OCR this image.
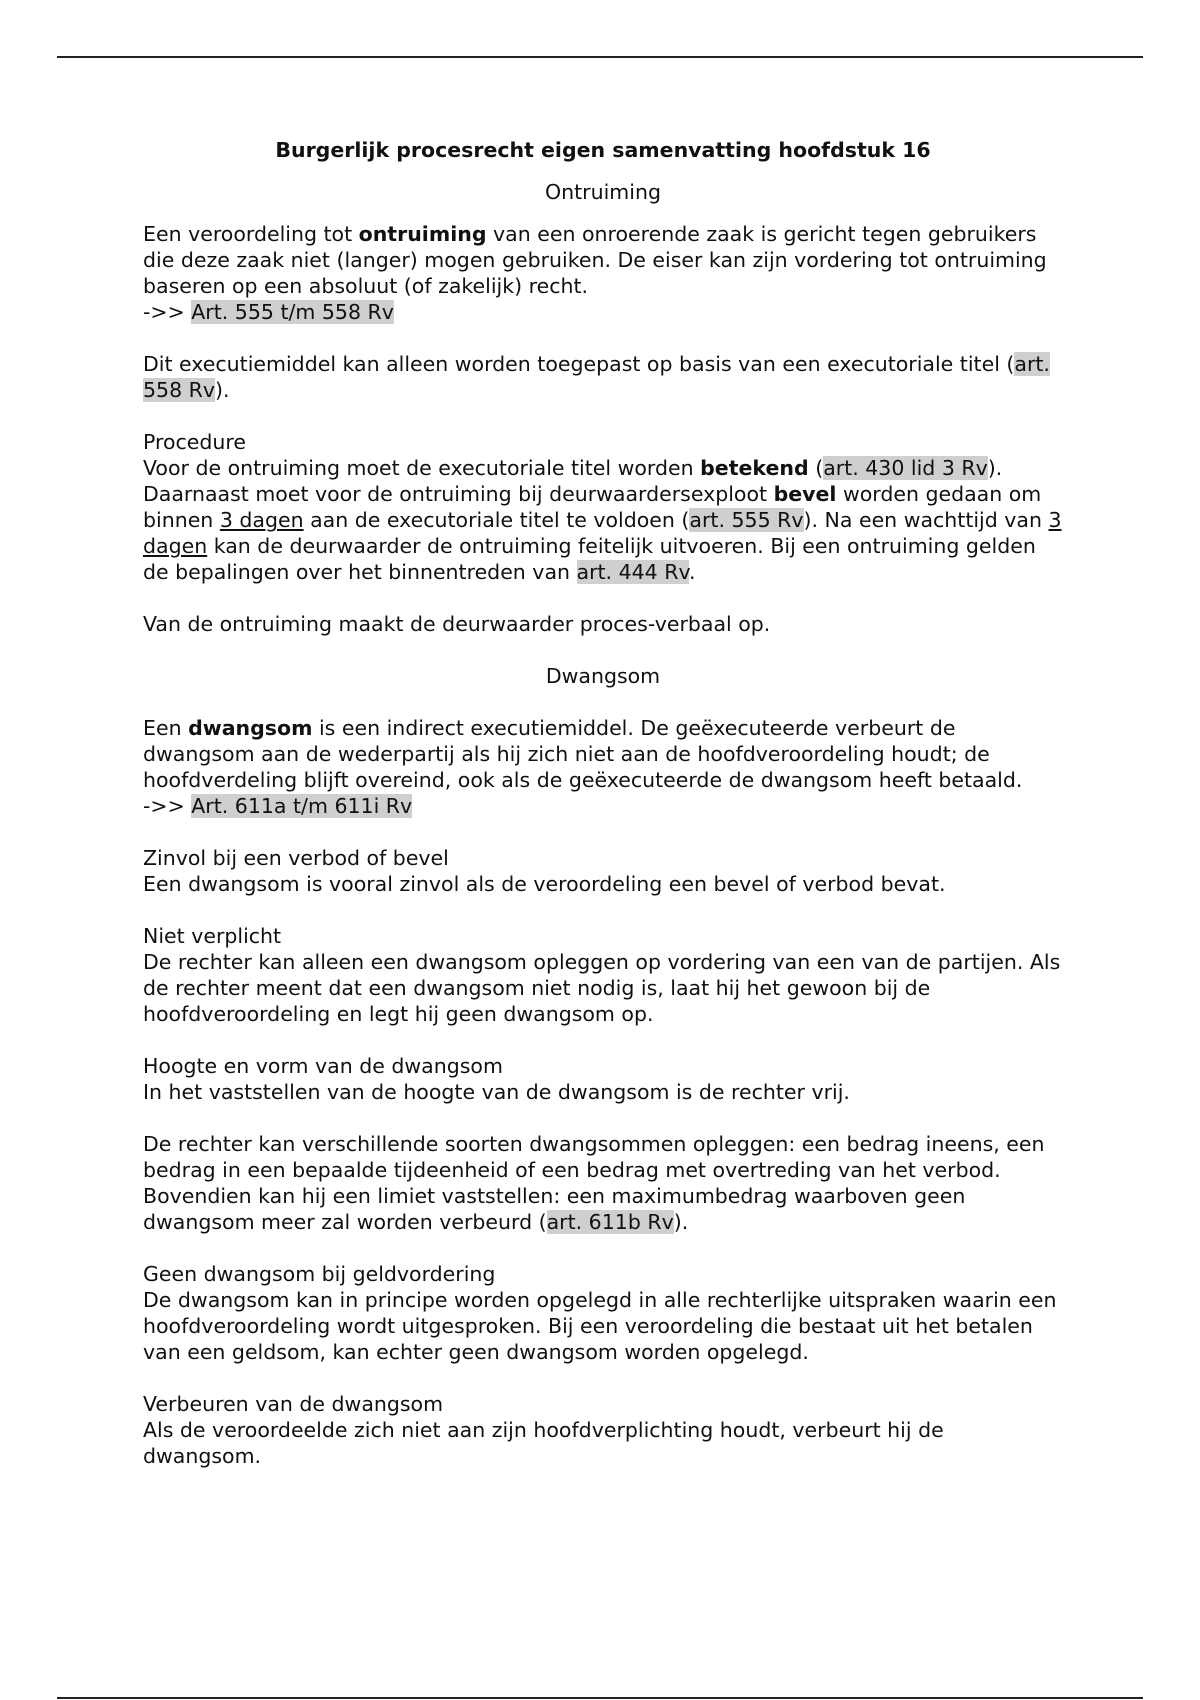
Burgerlijk procesrecht eigen samenvatting hoofdstuk 16
Ontruiming

Een veroordeling tot ontruiming van een onroerende zaak is gericht tegen gebruikers die deze zaak niet (langer) mogen gebruiken. De eiser kan zijn vordering tot ontruiming baseren op een absoluut (of zakelijk) recht.
->> Art. 555 t/m 558 Rv

Dit executiemiddel kan alleen worden toegepast op basis van een executoriale titel (art. 558 Rv).

Procedure
Voor de ontruiming moet de executoriale titel worden betekend (art. 430 lid 3 Rv). Daarnaast moet voor de ontruiming bij deurwaardersexploot bevel worden gedaan om binnen 3 dagen aan de executoriale titel te voldoen (art. 555 Rv). Na een wachttijd van 3 dagen kan de deurwaarder de ontruiming feitelijk uitvoeren. Bij een ontruiming gelden de bepalingen over het binnentreden van art. 444 Rv.

Van de ontruiming maakt de deurwaarder proces-verbaal op.

Dwangsom

Een dwangsom is een indirect executiemiddel. De geëxecuteerde verbeurt de dwangsom aan de wederpartij als hij zich niet aan de hoofdveroordeling houdt; de hoofdverdeling blijft overeind, ook als de geëxecuteerde de dwangsom heeft betaald.
->> Art. 611a t/m 611i Rv

Zinvol bij een verbod of bevel
Een dwangsom is vooral zinvol als de veroordeling een bevel of verbod bevat.

Niet verplicht
De rechter kan alleen een dwangsom opleggen op vordering van een van de partijen. Als de rechter meent dat een dwangsom niet nodig is, laat hij het gewoon bij de hoofdveroordeling en legt hij geen dwangsom op.

Hoogte en vorm van de dwangsom
In het vaststellen van de hoogte van de dwangsom is de rechter vrij.

De rechter kan verschillende soorten dwangsommen opleggen: een bedrag ineens, een bedrag in een bepaalde tijdeenheid of een bedrag met overtreding van het verbod. Bovendien kan hij een limiet vaststellen: een maximumbedrag waarboven geen dwangsom meer zal worden verbeurd (art. 611b Rv).

Geen dwangsom bij geldvordering
De dwangsom kan in principe worden opgelegd in alle rechterlijke uitspraken waarin een hoofdveroordeling wordt uitgesproken. Bij een veroordeling die bestaat uit het betalen van een geldsom, kan echter geen dwangsom worden opgelegd.

Verbeuren van de dwangsom
Als de veroordeelde zich niet aan zijn hoofdverplichting houdt, verbeurt hij de dwangsom.
